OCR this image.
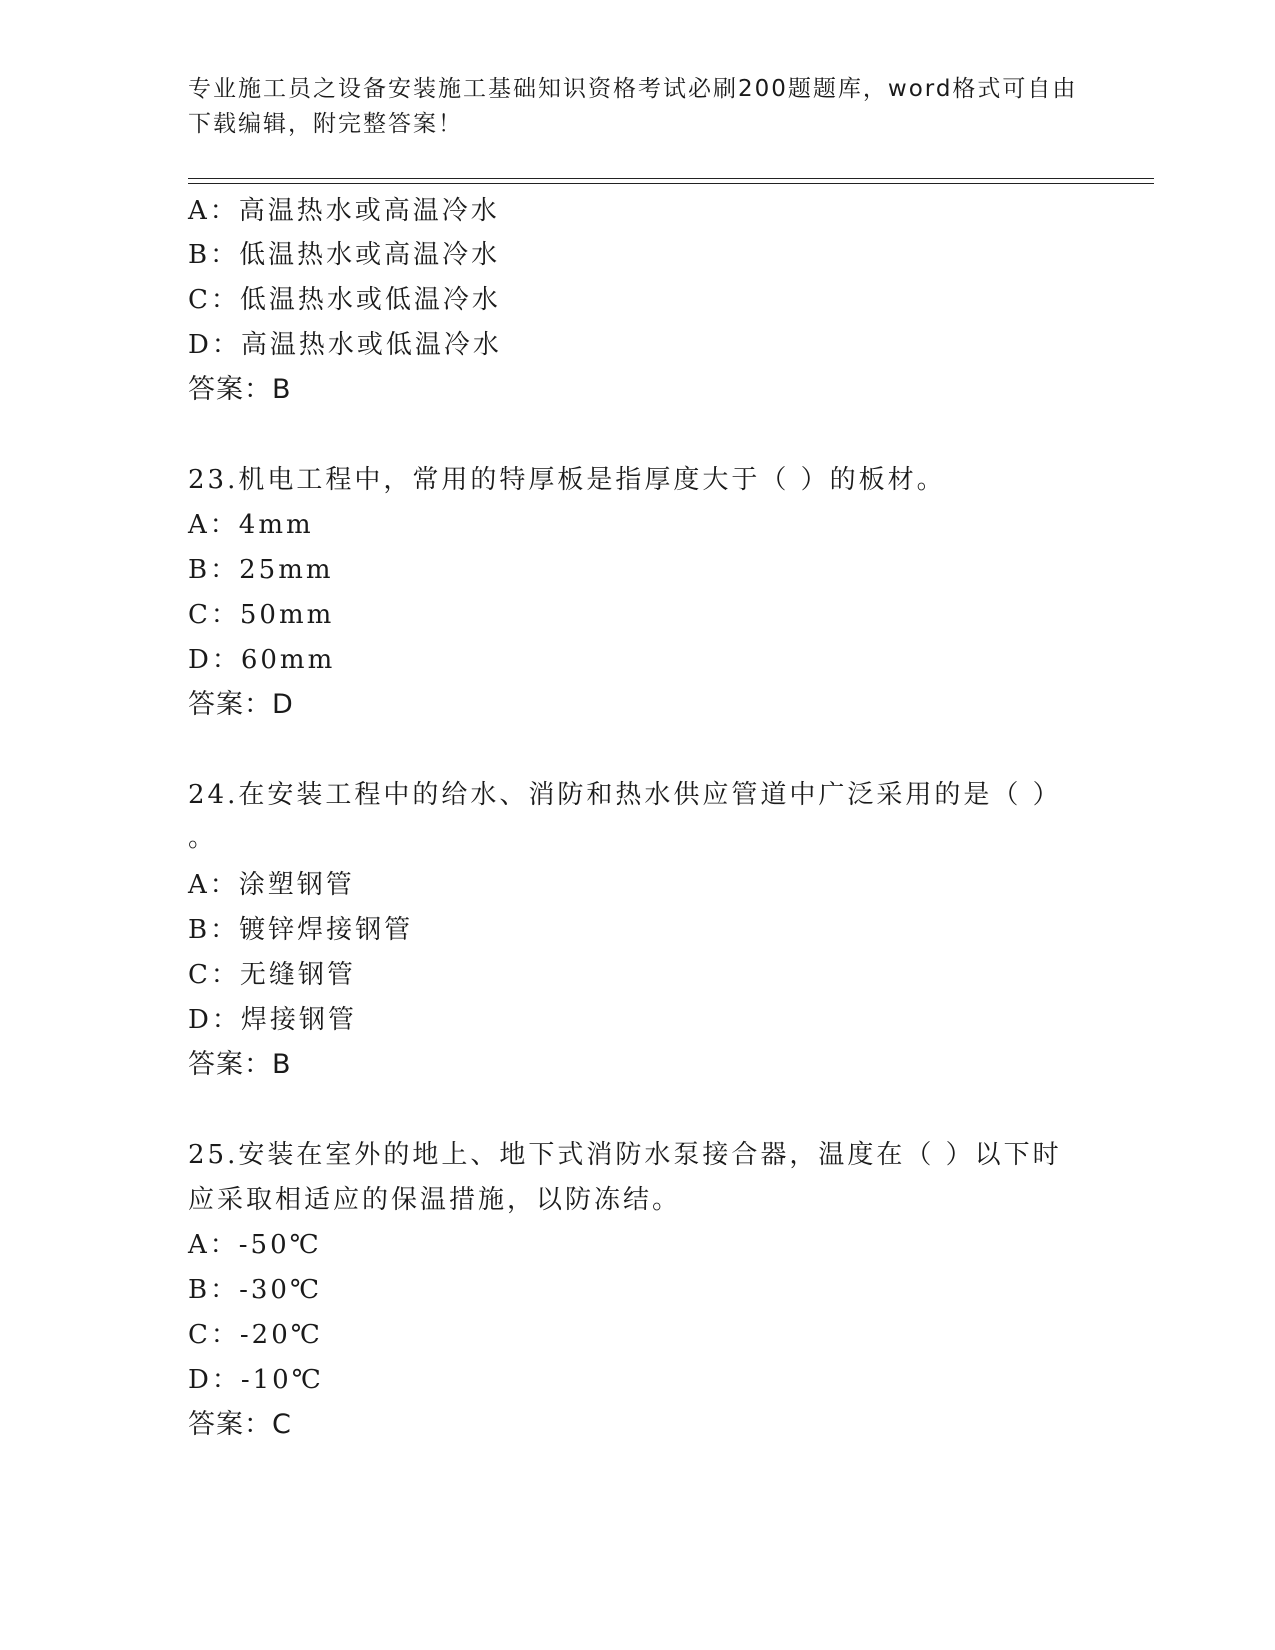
专业施工员之设备安装施工基础知识资格考试必刷200题题库，word格式可自由
下载编辑，附完整答案！
A：高温热水或高温冷水
B：低温热水或高温冷水
C：低温热水或低温冷水
D：高温热水或低温冷水
答案：B
23.机电工程中，常用的特厚板是指厚度大于（ ）的板材。
A：4mm
B：25mm
C：50mm
D：60mm
答案：D
24.在安装工程中的给水、消防和热水供应管道中广泛采用的是（ ）
。
A：涂塑钢管
B：镀锌焊接钢管
C：无缝钢管
D：焊接钢管
答案：B
25.安装在室外的地上、地下式消防水泵接合器，温度在（ ）以下时
应采取相适应的保温措施，以防冻结。
A：-50℃
B：-30℃
C：-20℃
D：-10℃
答案：C
